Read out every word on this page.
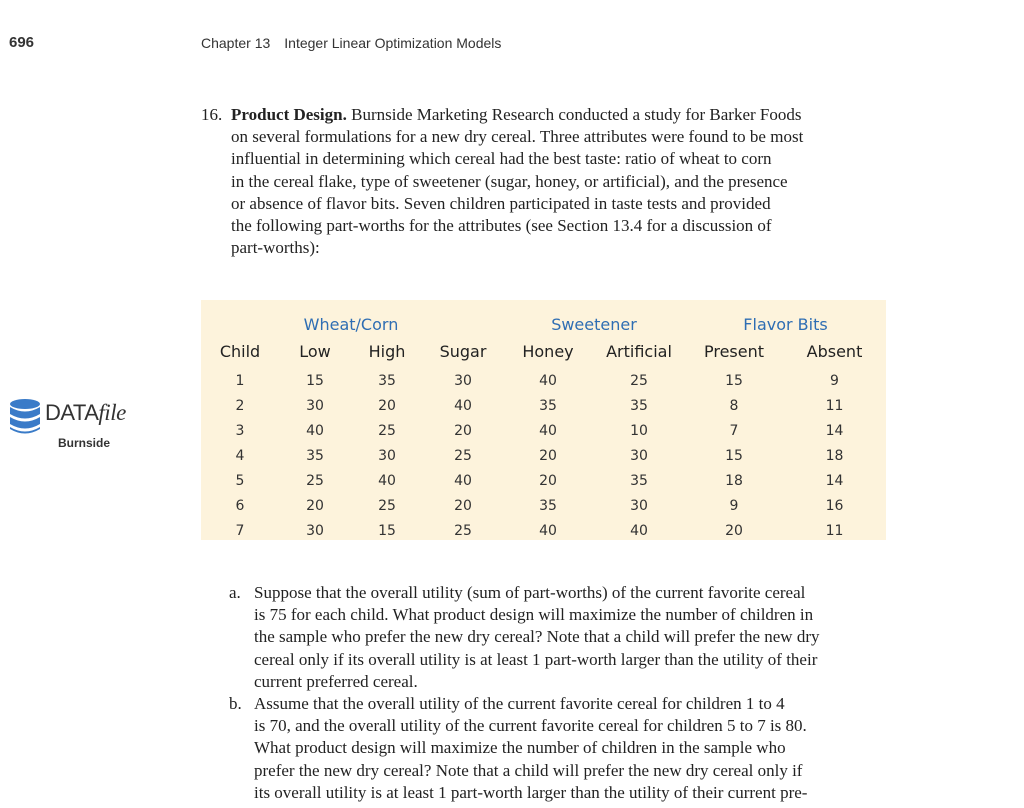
696	Chapter 13 Integer Linear Optimization Models
16. Product Design. Burnside Marketing Research conducted a study for Barker Foods
on several formulations for a new dry cereal. Three attributes were found to be most
influential in determining which cereal had the best taste: ratio of wheat to corn
in the cereal flake, type of sweetener (sugar, honey, or artificial), and the presence
or absence of flavor bits. Seven children participated in taste tests and provided
the following part-worths for the attributes (see Section 13.4 for a discussion of
part-worths):
DATAfile
Burnside
	Wheat/Corn			Sweetener		Flavor Bits	
Child	Low	High	Sugar	Honey	Artificial	Present	Absent
1	15	35	30	40	25	15	9
2	30	20	40	35	35	8	11
3	40	25	20	40	10	7	14
4	35	30	25	20	30	15	18
5	25	40	40	20	35	18	14
6	20	25	20	35	30	9	16
7	30	15	25	40	40	20	11
a. Suppose that the overall utility (sum of part-worths) of the current favorite cereal
is 75 for each child. What product design will maximize the number of children in
the sample who prefer the new dry cereal? Note that a child will prefer the new dry
cereal only if its overall utility is at least 1 part-worth larger than the utility of their
current preferred cereal.
b. Assume that the overall utility of the current favorite cereal for children 1 to 4
is 70, and the overall utility of the current favorite cereal for children 5 to 7 is 80.
What product design will maximize the number of children in the sample who
prefer the new dry cereal? Note that a child will prefer the new dry cereal only if
its overall utility is at least 1 part-worth larger than the utility of their current pre-
